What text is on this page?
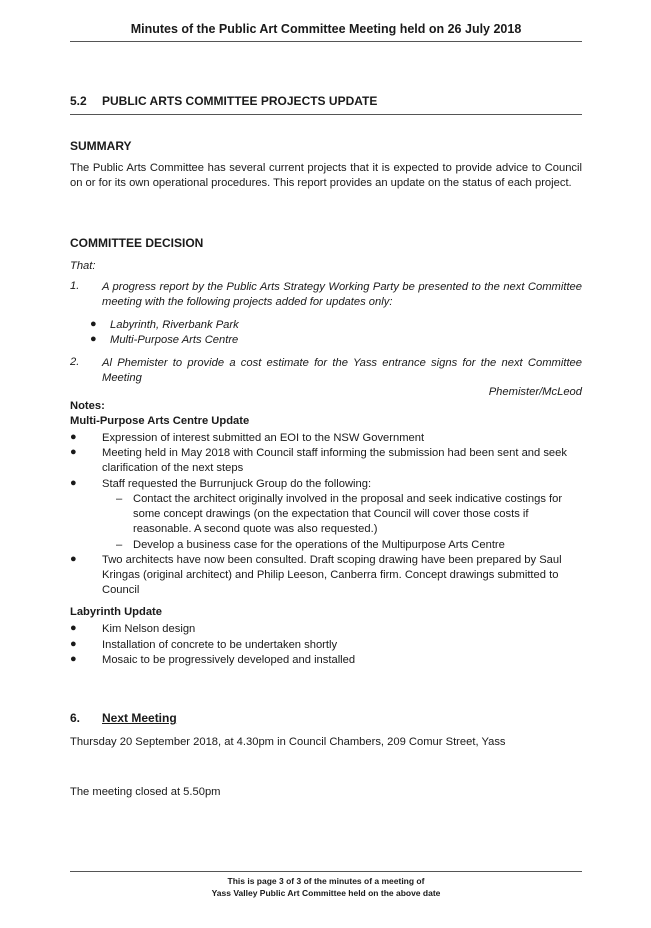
Minutes of the Public Art Committee Meeting held on 26 July 2018
5.2 PUBLIC ARTS COMMITTEE PROJECTS UPDATE
SUMMARY
The Public Arts Committee has several current projects that it is expected to provide advice to Council on or for its own operational procedures. This report provides an update on the status of each project.
COMMITTEE DECISION
That:
1. A progress report by the Public Arts Strategy Working Party be presented to the next Committee meeting with the following projects added for updates only:
● Labyrinth, Riverbank Park
● Multi-Purpose Arts Centre
2. Al Phemister to provide a cost estimate for the Yass entrance signs for the next Committee Meeting
Phemister/McLeod
Notes:
Multi-Purpose Arts Centre Update
● Expression of interest submitted an EOI to the NSW Government
● Meeting held in May 2018 with Council staff informing the submission had been sent and seek clarification of the next steps
● Staff requested the Burrunjuck Group do the following:
– Contact the architect originally involved in the proposal and seek indicative costings for some concept drawings (on the expectation that Council will cover those costs if reasonable. A second quote was also requested.)
– Develop a business case for the operations of the Multipurpose Arts Centre
● Two architects have now been consulted. Draft scoping drawing have been prepared by Saul Kringas (original architect) and Philip Leeson, Canberra firm. Concept drawings submitted to Council
Labyrinth Update
● Kim Nelson design
● Installation of concrete to be undertaken shortly
● Mosaic to be progressively developed and installed
6. Next Meeting
Thursday 20 September 2018, at 4.30pm in Council Chambers, 209 Comur Street, Yass
The meeting closed at 5.50pm
This is page 3 of 3 of the minutes of a meeting of
Yass Valley Public Art Committee held on the above date
